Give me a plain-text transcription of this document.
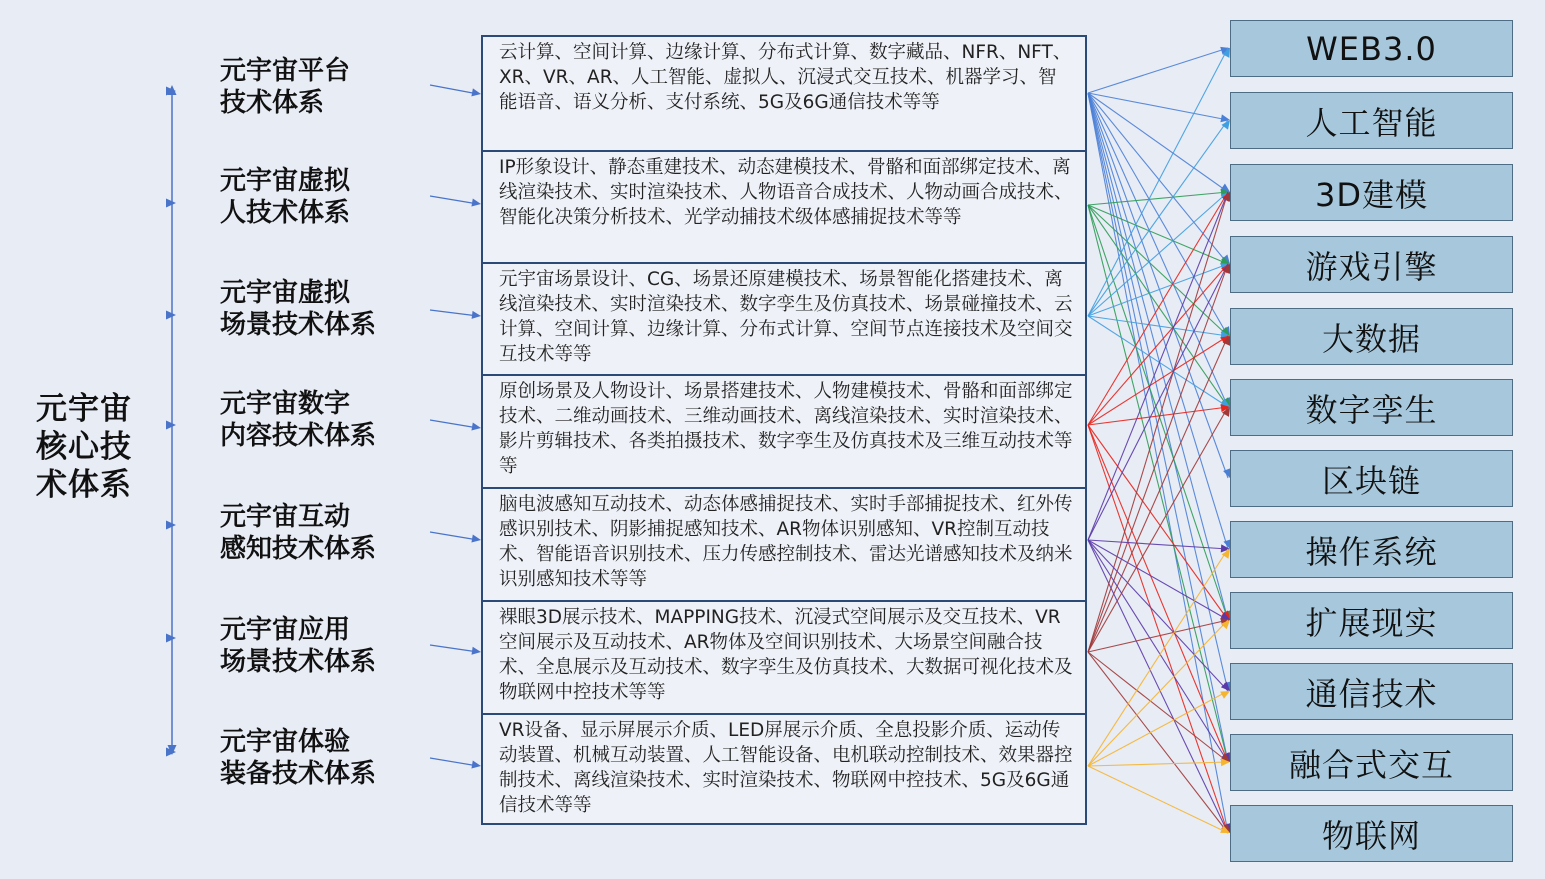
元宇宙
核心技
术体系
元宇宙平台
技术体系
元宇宙虚拟
人技术体系
元宇宙虚拟
场景技术体系
元宇宙数字
内容技术体系
元宇宙互动
感知技术体系
元宇宙应用
场景技术体系
元宇宙体验
装备技术体系
云计算、空间计算、边缘计算、分布式计算、数字藏品、NFR、NFT、XR、VR、AR、人工智能、虚拟人、沉浸式交互技术、机器学习、智能语音、语义分析、支付系统、5G及6G通信技术等等
IP形象设计、静态重建技术、动态建模技术、骨骼和面部绑定技术、离线渲染技术、实时渲染技术、人物语音合成技术、人物动画合成技术、智能化决策分析技术、光学动捕技术级体感捕捉技术等等
元宇宙场景设计、CG、场景还原建模技术、场景智能化搭建技术、离线渲染技术、实时渲染技术、数字孪生及仿真技术、场景碰撞技术、云计算、空间计算、边缘计算、分布式计算、空间节点连接技术及空间交互技术等等
原创场景及人物设计、场景搭建技术、人物建模技术、骨骼和面部绑定技术、二维动画技术、三维动画技术、离线渲染技术、实时渲染技术、影片剪辑技术、各类拍摄技术、数字孪生及仿真技术及三维互动技术等等
脑电波感知互动技术、动态体感捕捉技术、实时手部捕捉技术、红外传感识别技术、阴影捕捉感知技术、AR物体识别感知、VR控制互动技术、智能语音识别技术、压力传感控制技术、雷达光谱感知技术及纳米识别感知技术等等
裸眼3D展示技术、MAPPING技术、沉浸式空间展示及交互技术、VR空间展示及互动技术、AR物体及空间识别技术、大场景空间融合技术、全息展示及互动技术、数字孪生及仿真技术、大数据可视化技术及物联网中控技术等等
VR设备、显示屏展示介质、LED屏展示介质、全息投影介质、运动传动装置、机械互动装置、人工智能设备、电机联动控制技术、效果器控制技术、离线渲染技术、实时渲染技术、物联网中控技术、5G及6G通信技术等等
WEB3.0
人工智能
3D建模
游戏引擎
大数据
数字孪生
区块链
操作系统
扩展现实
通信技术
融合式交互
物联网
